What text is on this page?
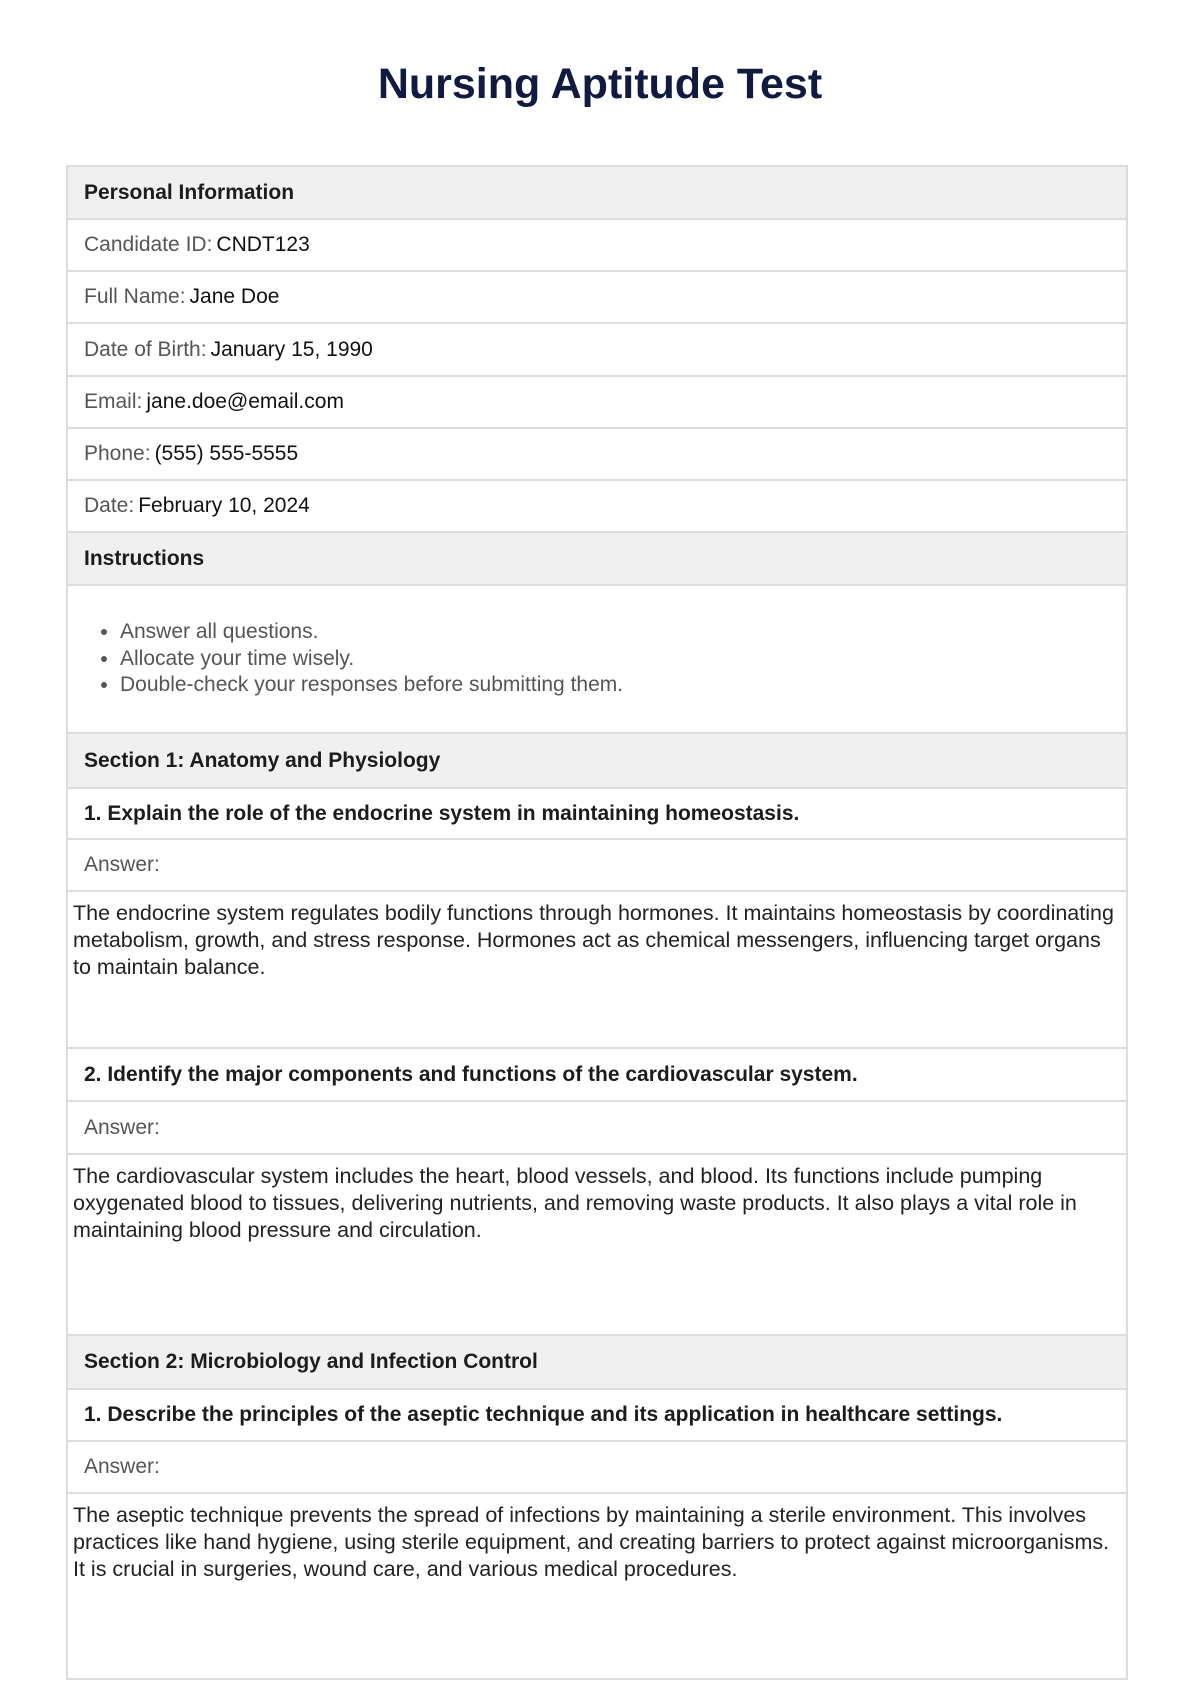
Nursing Aptitude Test
Personal Information
Candidate ID: CNDT123
Full Name: Jane Doe
Date of Birth: January 15, 1990
Email: jane.doe@email.com
Phone: (555) 555-5555
Date: February 10, 2024
Instructions
• Answer all questions.
• Allocate your time wisely.
• Double-check your responses before submitting them.
Section 1: Anatomy and Physiology
1. Explain the role of the endocrine system in maintaining homeostasis.
Answer:
The endocrine system regulates bodily functions through hormones. It maintains homeostasis by coordinating metabolism, growth, and stress response. Hormones act as chemical messengers, influencing target organs to maintain balance.
2. Identify the major components and functions of the cardiovascular system.
Answer:
The cardiovascular system includes the heart, blood vessels, and blood. Its functions include pumping oxygenated blood to tissues, delivering nutrients, and removing waste products. It also plays a vital role in maintaining blood pressure and circulation.
Section 2: Microbiology and Infection Control
1. Describe the principles of the aseptic technique and its application in healthcare settings.
Answer:
The aseptic technique prevents the spread of infections by maintaining a sterile environment. This involves practices like hand hygiene, using sterile equipment, and creating barriers to protect against microorganisms. It is crucial in surgeries, wound care, and various medical procedures.
